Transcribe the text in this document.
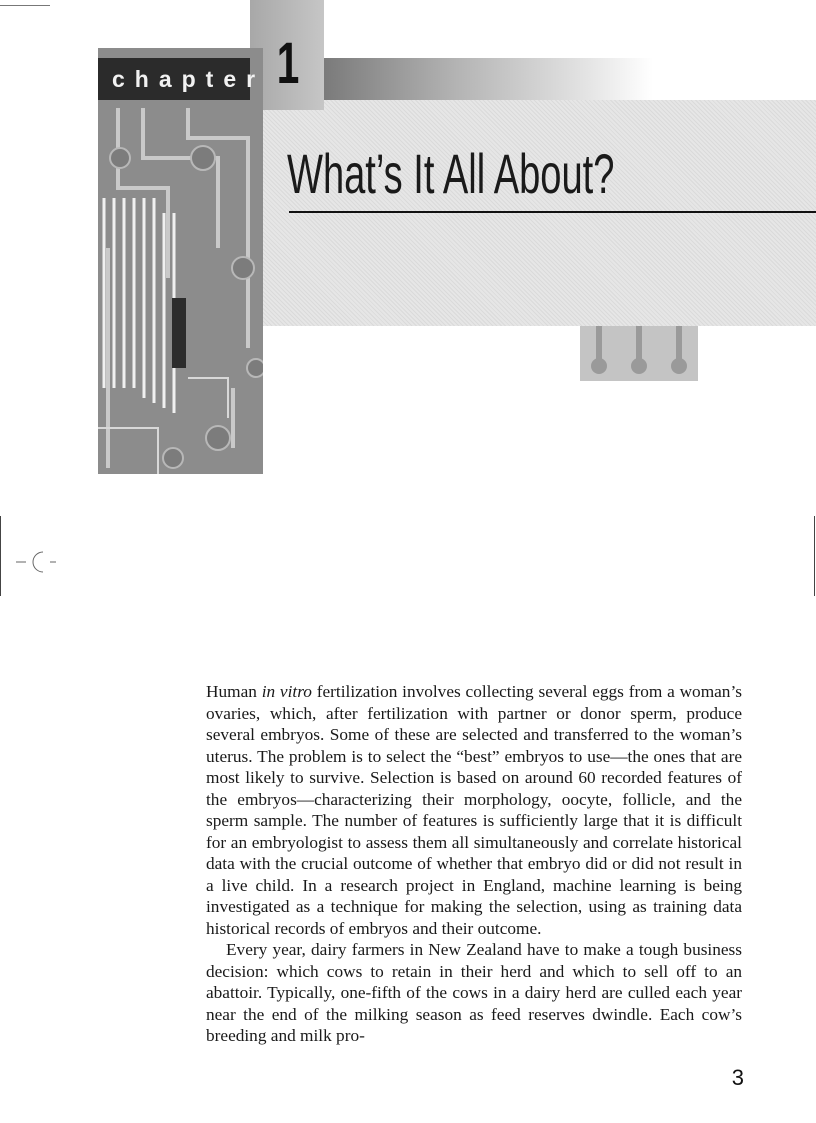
chapter 1
What’s It All About?

Human in vitro fertilization involves collecting several eggs from a woman’s ovaries, which, after fertilization with partner or donor sperm, produce several embryos. Some of these are selected and transferred to the woman’s uterus. The problem is to select the “best” embryos to use—the ones that are most likely to survive. Selection is based on around 60 recorded features of the embryos—characterizing their morphology, oocyte, follicle, and the sperm sample. The number of features is sufficiently large that it is difficult for an embryologist to assess them all simultaneously and correlate historical data with the crucial outcome of whether that embryo did or did not result in a live child. In a research project in England, machine learning is being investigated as a technique for making the selection, using as training data historical records of embryos and their outcome.

Every year, dairy farmers in New Zealand have to make a tough business decision: which cows to retain in their herd and which to sell off to an abattoir. Typically, one-fifth of the cows in a dairy herd are culled each year near the end of the milking season as feed reserves dwindle. Each cow’s breeding and milk pro-

3
